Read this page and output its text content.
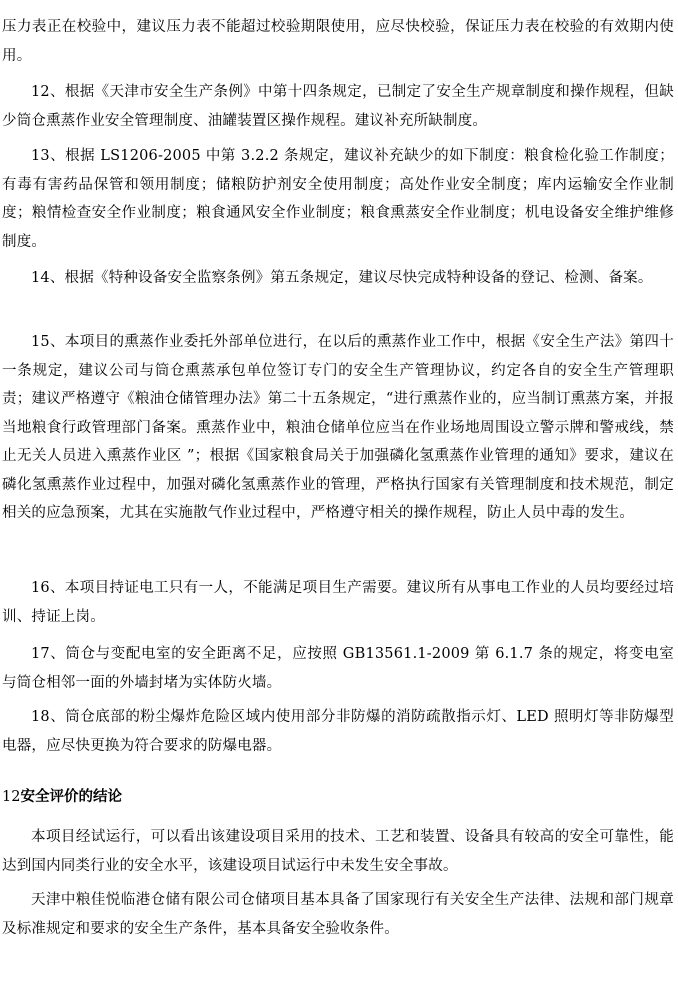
压力表正在校验中，建议压力表不能超过校验期限使用，应尽快校验，保证压力表在校验的有效期内使用。

12、根据《天津市安全生产条例》中第十四条规定，已制定了安全生产规章制度和操作规程，但缺少筒仓熏蒸作业安全管理制度、油罐装置区操作规程。建议补充所缺制度。

13、根据 LS1206-2005 中第 3.2.2 条规定，建议补充缺少的如下制度：粮食检化验工作制度；有毒有害药品保管和领用制度；储粮防护剂安全使用制度；高处作业安全制度；库内运输安全作业制度；粮情检查安全作业制度；粮食通风安全作业制度；粮食熏蒸安全作业制度；机电设备安全维护维修制度。

14、根据《特种设备安全监察条例》第五条规定，建议尽快完成特种设备的登记、检测、备案。

15、本项目的熏蒸作业委托外部单位进行，在以后的熏蒸作业工作中，根据《安全生产法》第四十一条规定，建议公司与筒仓熏蒸承包单位签订专门的安全生产管理协议，约定各自的安全生产管理职责；建议严格遵守《粮油仓储管理办法》第二十五条规定，“进行熏蒸作业的，应当制订熏蒸方案，并报当地粮食行政管理部门备案。熏蒸作业中，粮油仓储单位应当在作业场地周围设立警示牌和警戒线，禁止无关人员进入熏蒸作业区 ”；根据《国家粮食局关于加强磷化氢熏蒸作业管理的通知》要求，建议在磷化氢熏蒸作业过程中，加强对磷化氢熏蒸作业的管理，严格执行国家有关管理制度和技术规范，制定相关的应急预案，尤其在实施散气作业过程中，严格遵守相关的操作规程，防止人员中毒的发生。

16、本项目持证电工只有一人，不能满足项目生产需要。建议所有从事电工作业的人员均要经过培训、持证上岗。

17、筒仓与变配电室的安全距离不足，应按照 GB13561.1-2009 第 6.1.7 条的规定，将变电室与筒仓相邻一面的外墙封堵为实体防火墙。

18、筒仓底部的粉尘爆炸危险区域内使用部分非防爆的消防疏散指示灯、LED 照明灯等非防爆型电器，应尽快更换为符合要求的防爆电器。

12安全评价的结论

本项目经试运行，可以看出该建设项目采用的技术、工艺和装置、设备具有较高的安全可靠性，能达到国内同类行业的安全水平，该建设项目试运行中未发生安全事故。

天津中粮佳悦临港仓储有限公司仓储项目基本具备了国家现行有关安全生产法律、法规和部门规章及标准规定和要求的安全生产条件，基本具备安全验收条件。
